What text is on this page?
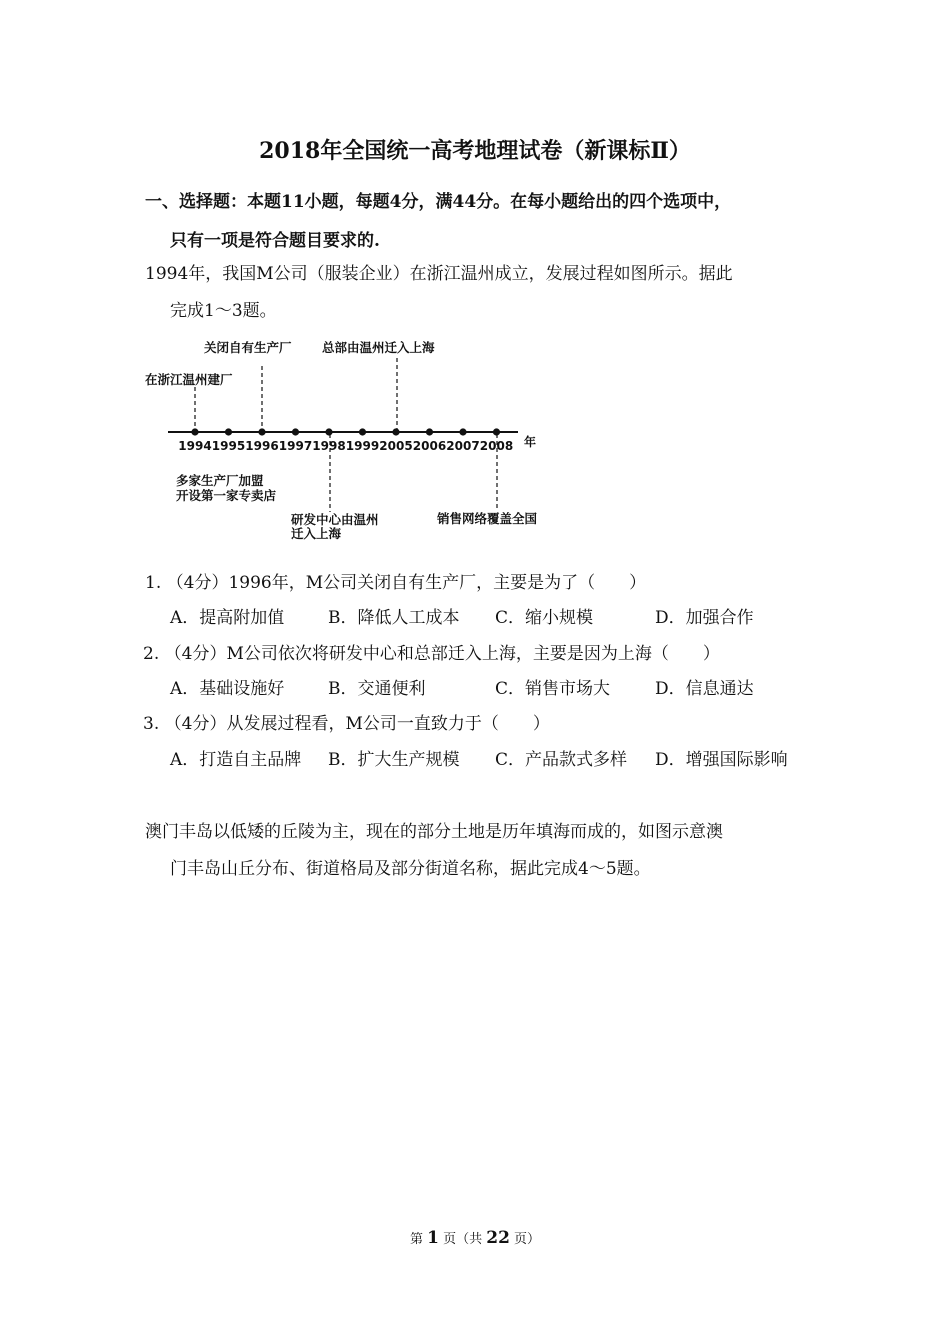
2018年全国统一高考地理试卷（新课标Ⅱ）
一、选择题：本题11小题，每题4分，满44分。在每小题给出的四个选项中，
只有一项是符合题目要求的.
1994年，我国M公司（服装企业）在浙江温州成立，发展过程如图所示。据此
完成1～3题。
1994 1995 1996 1997 1998 1999 2005 2006 2007 2008 年
关闭自有生产厂 总部由温州迁入上海
在浙江温州建厂
多家生产厂加盟
开设第一家专卖店
研发中心由温州
迁入上海
销售网络覆盖全国
1. （4分）1996年，M公司关闭自有生产厂，主要是为了（　　）
A．提高附加值	B．降低人工成本 C．缩小规模	D．加强合作
2. （4分）M公司依次将研发中心和总部迁入上海，主要是因为上海（　　）
A．基础设施好	B．交通便利	C．销售市场大	D．信息通达
3. （4分）从发展过程看，M公司一直致力于（　　）
A．打造自主品牌 B．扩大生产规模 C．产品款式多样 D．增强国际影响
澳门丰岛以低矮的丘陵为主，现在的部分土地是历年填海而成的，如图示意澳
门丰岛山丘分布、街道格局及部分街道名称，据此完成4～5题。
第 1 页（共 22 页）
